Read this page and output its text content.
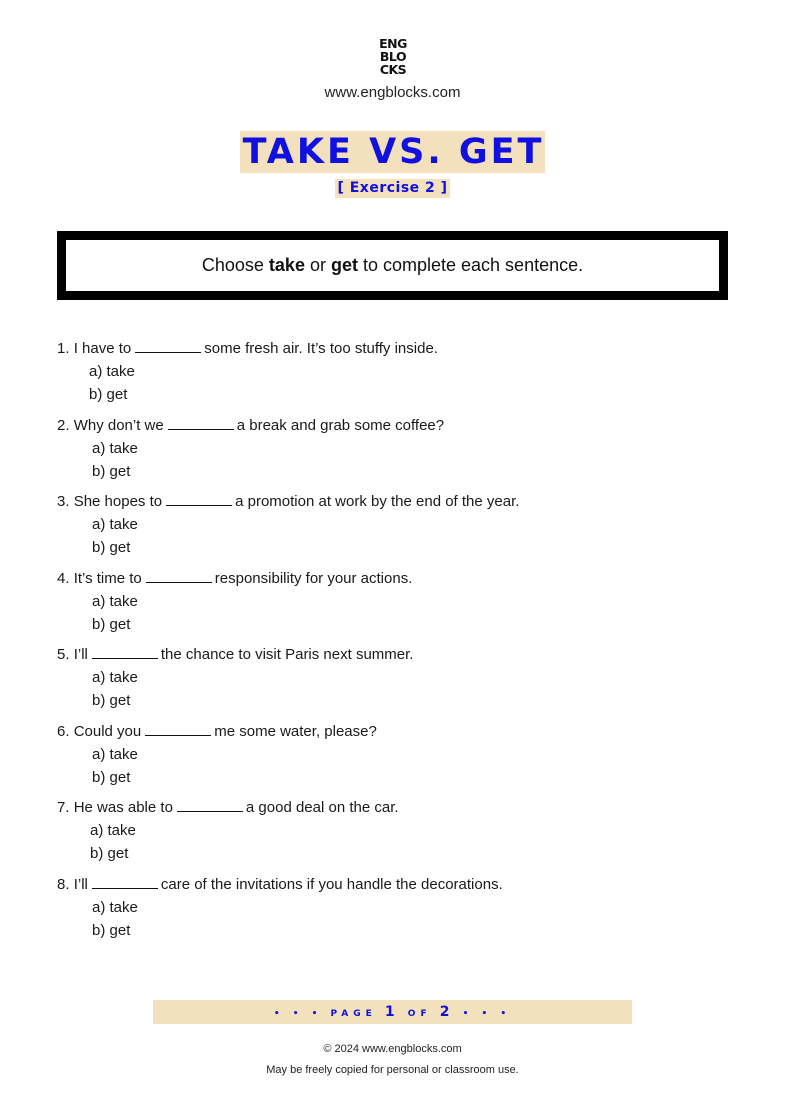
ENG
BLO
CKS
www.engblocks.com
TAKE VS. GET
[ Exercise 2 ]
Choose take or get to complete each sentence.
1. I have to	some fresh air. It’s too stuffy inside.
a) take
b) get
2. Why don’t we	a break and grab some coffee?
a) take
b) get
3. She hopes to	a promotion at work by the end of the year.
a) take
b) get
4. It’s time to	responsibility for your actions.
a) take
b) get
5. I’ll	the chance to visit Paris next summer.
a) take
b) get
6. Could you	me some water, please?
a) take
b) get
7. He was able to	a good deal on the car.
a) take
b) get
8. I’ll	care of the invitations if you handle the decorations.
a) take
b) get
• • • PAGE 1 OF 2 • • •
© 2024 www.engblocks.com
May be freely copied for personal or classroom use.
